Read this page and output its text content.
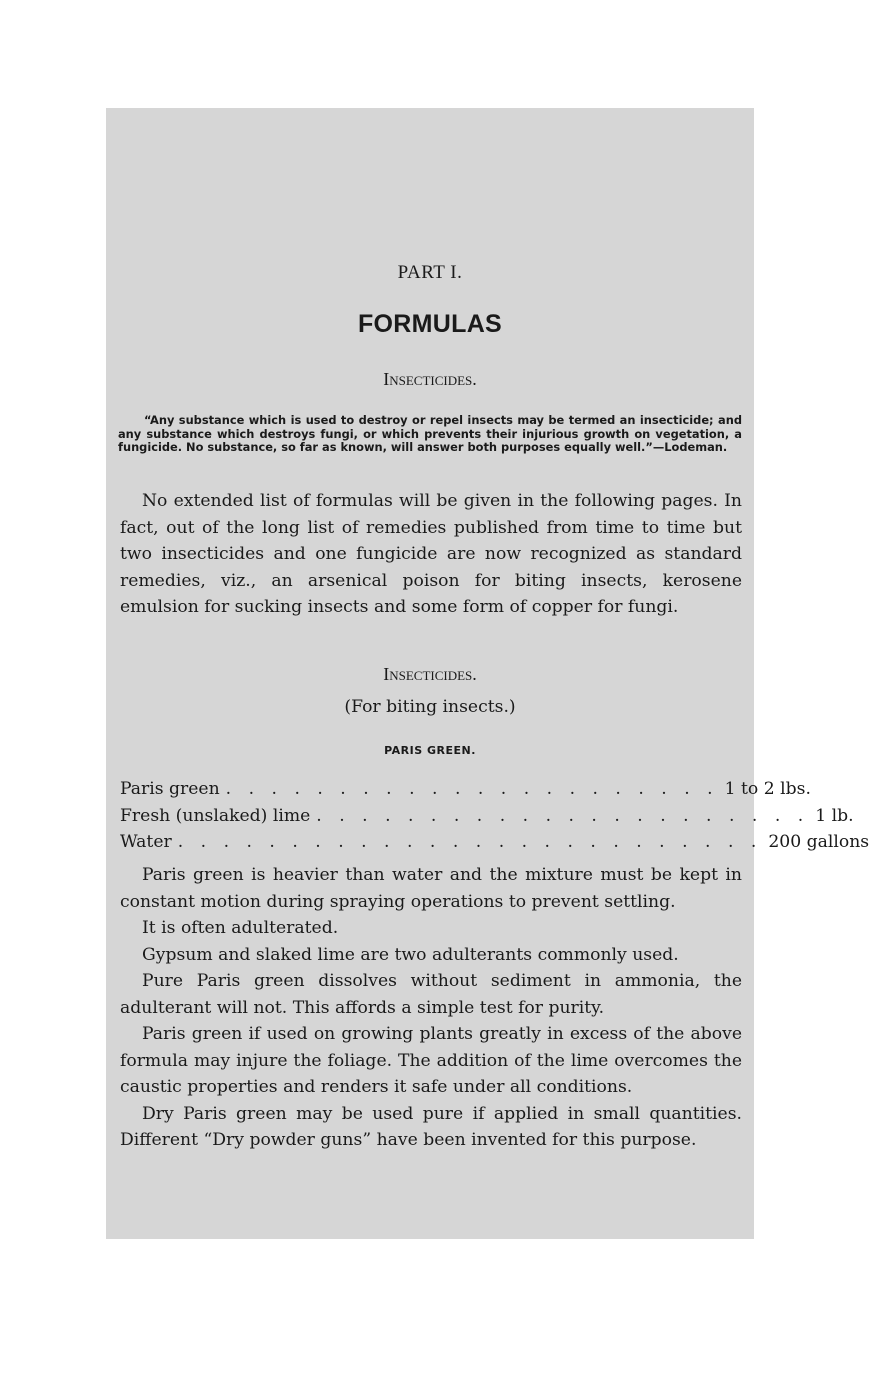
PART I.
FORMULAS
Insecticides.
“Any substance which is used to destroy or repel insects may be termed an insecticide; and any substance which destroys fungi, or which prevents their injurious growth on vegetation, a fungicide. No substance, so far as known, will answer both purposes equally well.”—Lodeman.

No extended list of formulas will be given in the following pages. In fact, out of the long list of remedies published from time to time but two insecticides and one fungicide are now recognized as standard remedies, viz., an arsenical poison for biting insects, kerosene emulsion for sucking insects and some form of copper for fungi.

Insecticides.
(For biting insects.)
PARIS GREEN.
Paris green . . . . . . . . . . . . . . . . . . . . . . 1 to 2 lbs.
Fresh (unslaked) lime . . . . . . . . . . . . . . . . . . . . . . 1 lb.
Water . . . . . . . . . . . . . . . . . . . . . . . . . . 200 gallons

Paris green is heavier than water and the mixture must be kept in constant motion during spraying operations to prevent settling.

It is often adulterated.

Gypsum and slaked lime are two adulterants commonly used.

Pure Paris green dissolves without sediment in ammonia, the adulterant will not. This affords a simple test for purity.

Paris green if used on growing plants greatly in excess of the above formula may injure the foliage. The addition of the lime overcomes the caustic properties and renders it safe under all conditions.

Dry Paris green may be used pure if applied in small quantities. Different “Dry powder guns” have been invented for this purpose.
